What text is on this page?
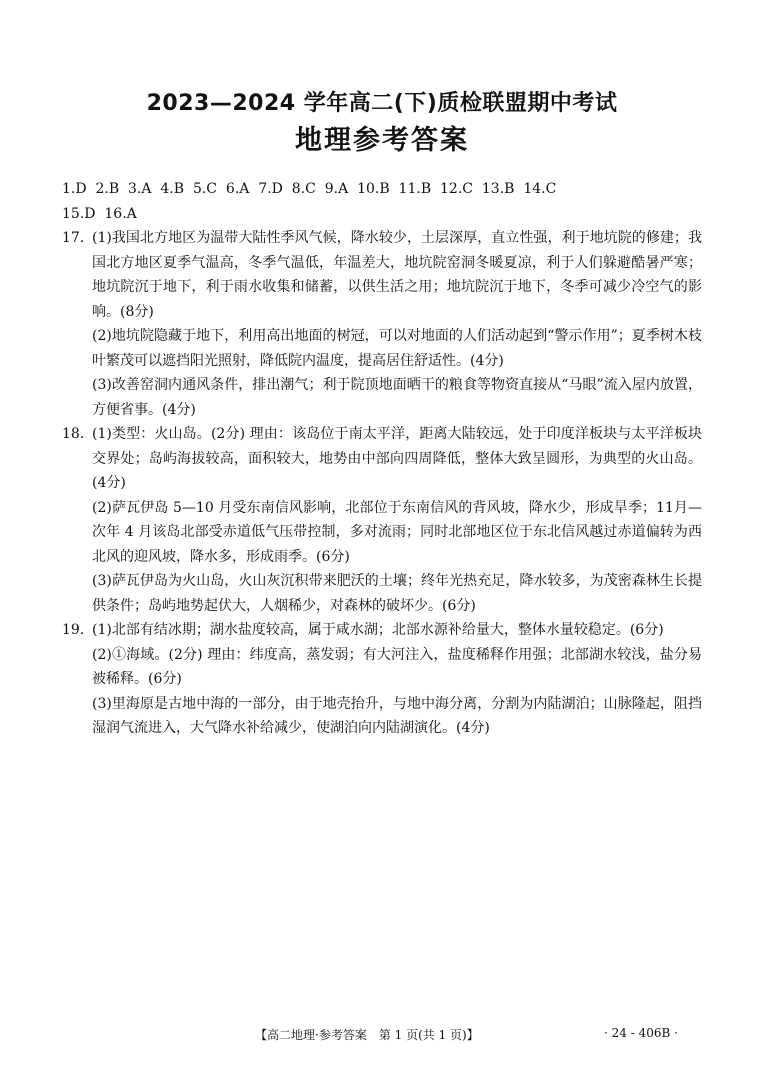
2023—2024 学年高二(下)质检联盟期中考试
地理参考答案
1.D  2.B  3.A  4.B  5.C  6.A  7.D  8.C  9.A  10.B  11.B  12.C  13.B  14.C
15.D  16.A
17. (1)我国北方地区为温带大陆性季风气候，降水较少，土层深厚，直立性强，利于地坑院的修建；我国北方地区夏季气温高，冬季气温低，年温差大，地坑院窑洞冬暖夏凉，利于人们躲避酷暑严寒；地坑院沉于地下，利于雨水收集和储蓄，以供生活之用；地坑院沉于地下，冬季可减少冷空气的影响。(8分)
(2)地坑院隐藏于地下，利用高出地面的树冠，可以对地面的人们活动起到“警示作用”；夏季树木枝叶繁茂可以遮挡阳光照射，降低院内温度，提高居住舒适性。(4分)
(3)改善窑洞内通风条件，排出潮气；利于院顶地面晒干的粮食等物资直接从“马眼”流入屋内放置，方便省事。(4分)
18. (1)类型：火山岛。(2分) 理由：该岛位于南太平洋，距离大陆较远，处于印度洋板块与太平洋板块交界处；岛屿海拔较高，面积较大，地势由中部向四周降低，整体大致呈圆形，为典型的火山岛。(4分)
(2)萨瓦伊岛 5—10 月受东南信风影响，北部位于东南信风的背风坡，降水少，形成旱季；11月—次年 4 月该岛北部受赤道低气压带控制，多对流雨；同时北部地区位于东北信风越过赤道偏转为西北风的迎风坡，降水多，形成雨季。(6分)
(3)萨瓦伊岛为火山岛，火山灰沉积带来肥沃的土壤；终年光热充足，降水较多，为茂密森林生长提供条件；岛屿地势起伏大，人烟稀少，对森林的破坏少。(6分)
19. (1)北部有结冰期；湖水盐度较高，属于咸水湖；北部水源补给量大，整体水量较稳定。(6分)
(2)①海域。(2分) 理由：纬度高，蒸发弱；有大河注入，盐度稀释作用强；北部湖水较浅，盐分易被稀释。(6分)
(3)里海原是古地中海的一部分，由于地壳抬升，与地中海分离，分割为内陆湖泊；山脉隆起，阻挡湿润气流进入，大气降水补给减少，使湖泊向内陆湖演化。(4分)
【高二地理·参考答案　第 1 页(共 1 页)】	· 24 - 406B ·
